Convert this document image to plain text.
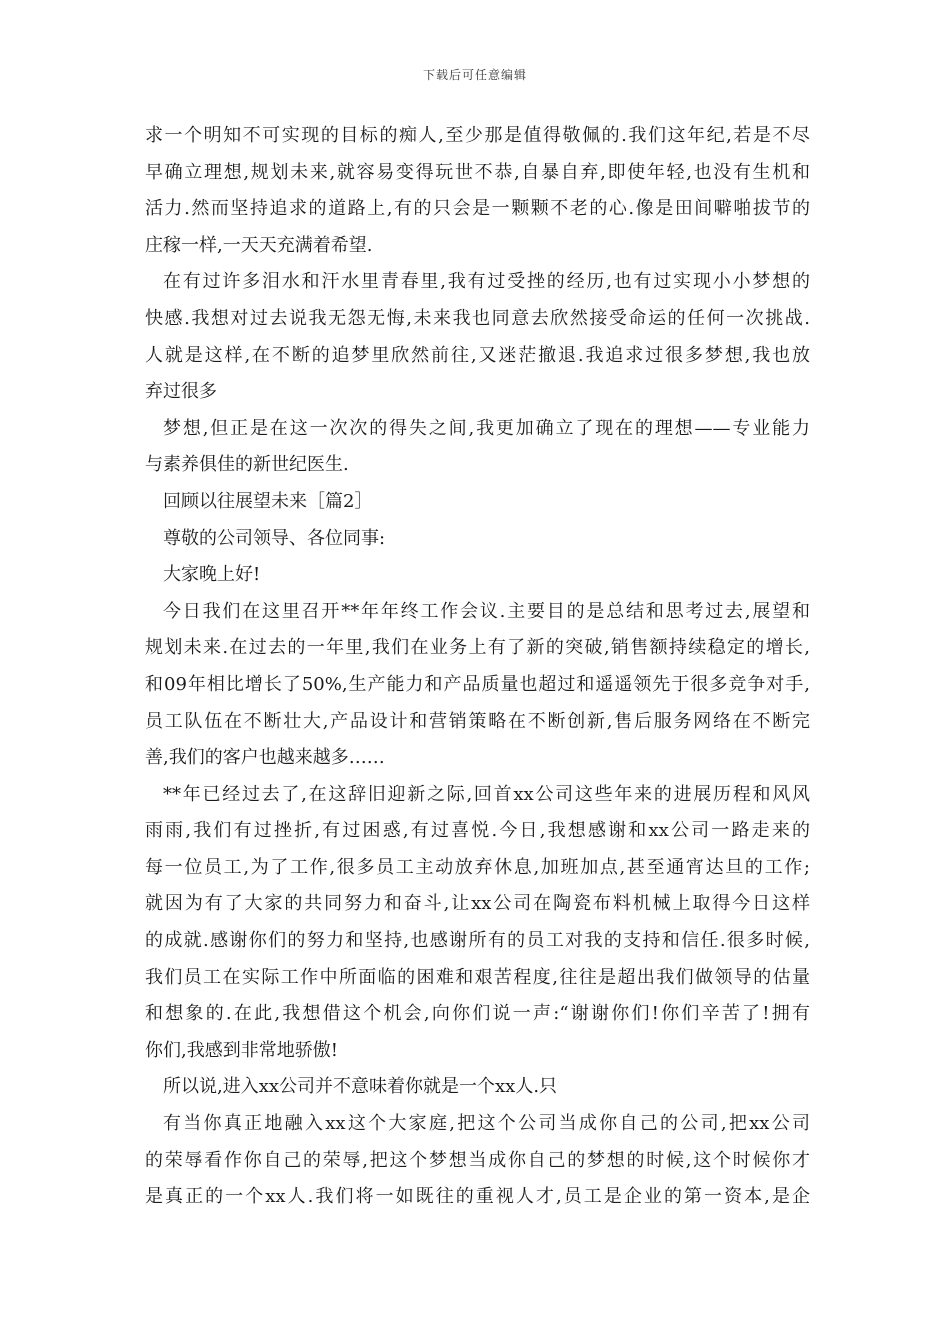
下载后可任意编辑
求一个明知不可实现的目标的痴人,至少那是值得敬佩的.我们这年纪,若是不尽
早确立理想,规划未来,就容易变得玩世不恭,自暴自弃,即使年轻,也没有生机和
活力.然而坚持追求的道路上,有的只会是一颗颗不老的心.像是田间噼啪拔节的
庄稼一样,一天天充满着希望.
在有过许多泪水和汗水里青春里,我有过受挫的经历,也有过实现小小梦想的
快感.我想对过去说我无怨无悔,未来我也同意去欣然接受命运的任何一次挑战.
人就是这样,在不断的追梦里欣然前往,又迷茫撤退.我追求过很多梦想,我也放
弃过很多
梦想,但正是在这一次次的得失之间,我更加确立了现在的理想——专业能力
与素养俱佳的新世纪医生.
回顾以往展望未来［篇2］
尊敬的公司领导、各位同事:
大家晚上好!
今日我们在这里召开**年年终工作会议.主要目的是总结和思考过去,展望和
规划未来.在过去的一年里,我们在业务上有了新的突破,销售额持续稳定的增长,
和09年相比增长了50%,生产能力和产品质量也超过和遥遥领先于很多竞争对手,
员工队伍在不断壮大,产品设计和营销策略在不断创新,售后服务网络在不断完
善,我们的客户也越来越多……
**年已经过去了,在这辞旧迎新之际,回首xx公司这些年来的进展历程和风风
雨雨,我们有过挫折,有过困惑,有过喜悦.今日,我想感谢和xx公司一路走来的
每一位员工,为了工作,很多员工主动放弃休息,加班加点,甚至通宵达旦的工作;
就因为有了大家的共同努力和奋斗,让xx公司在陶瓷布料机械上取得今日这样
的成就.感谢你们的努力和坚持,也感谢所有的员工对我的支持和信任.很多时候,
我们员工在实际工作中所面临的困难和艰苦程度,往往是超出我们做领导的估量
和想象的.在此,我想借这个机会,向你们说一声:“谢谢你们!你们辛苦了!拥有
你们,我感到非常地骄傲!
所以说,进入xx公司并不意味着你就是一个xx人.只
有当你真正地融入xx这个大家庭,把这个公司当成你自己的公司,把xx公司
的荣辱看作你自己的荣辱,把这个梦想当成你自己的梦想的时候,这个时候你才
是真正的一个xx人.我们将一如既往的重视人才,员工是企业的第一资本,是企
